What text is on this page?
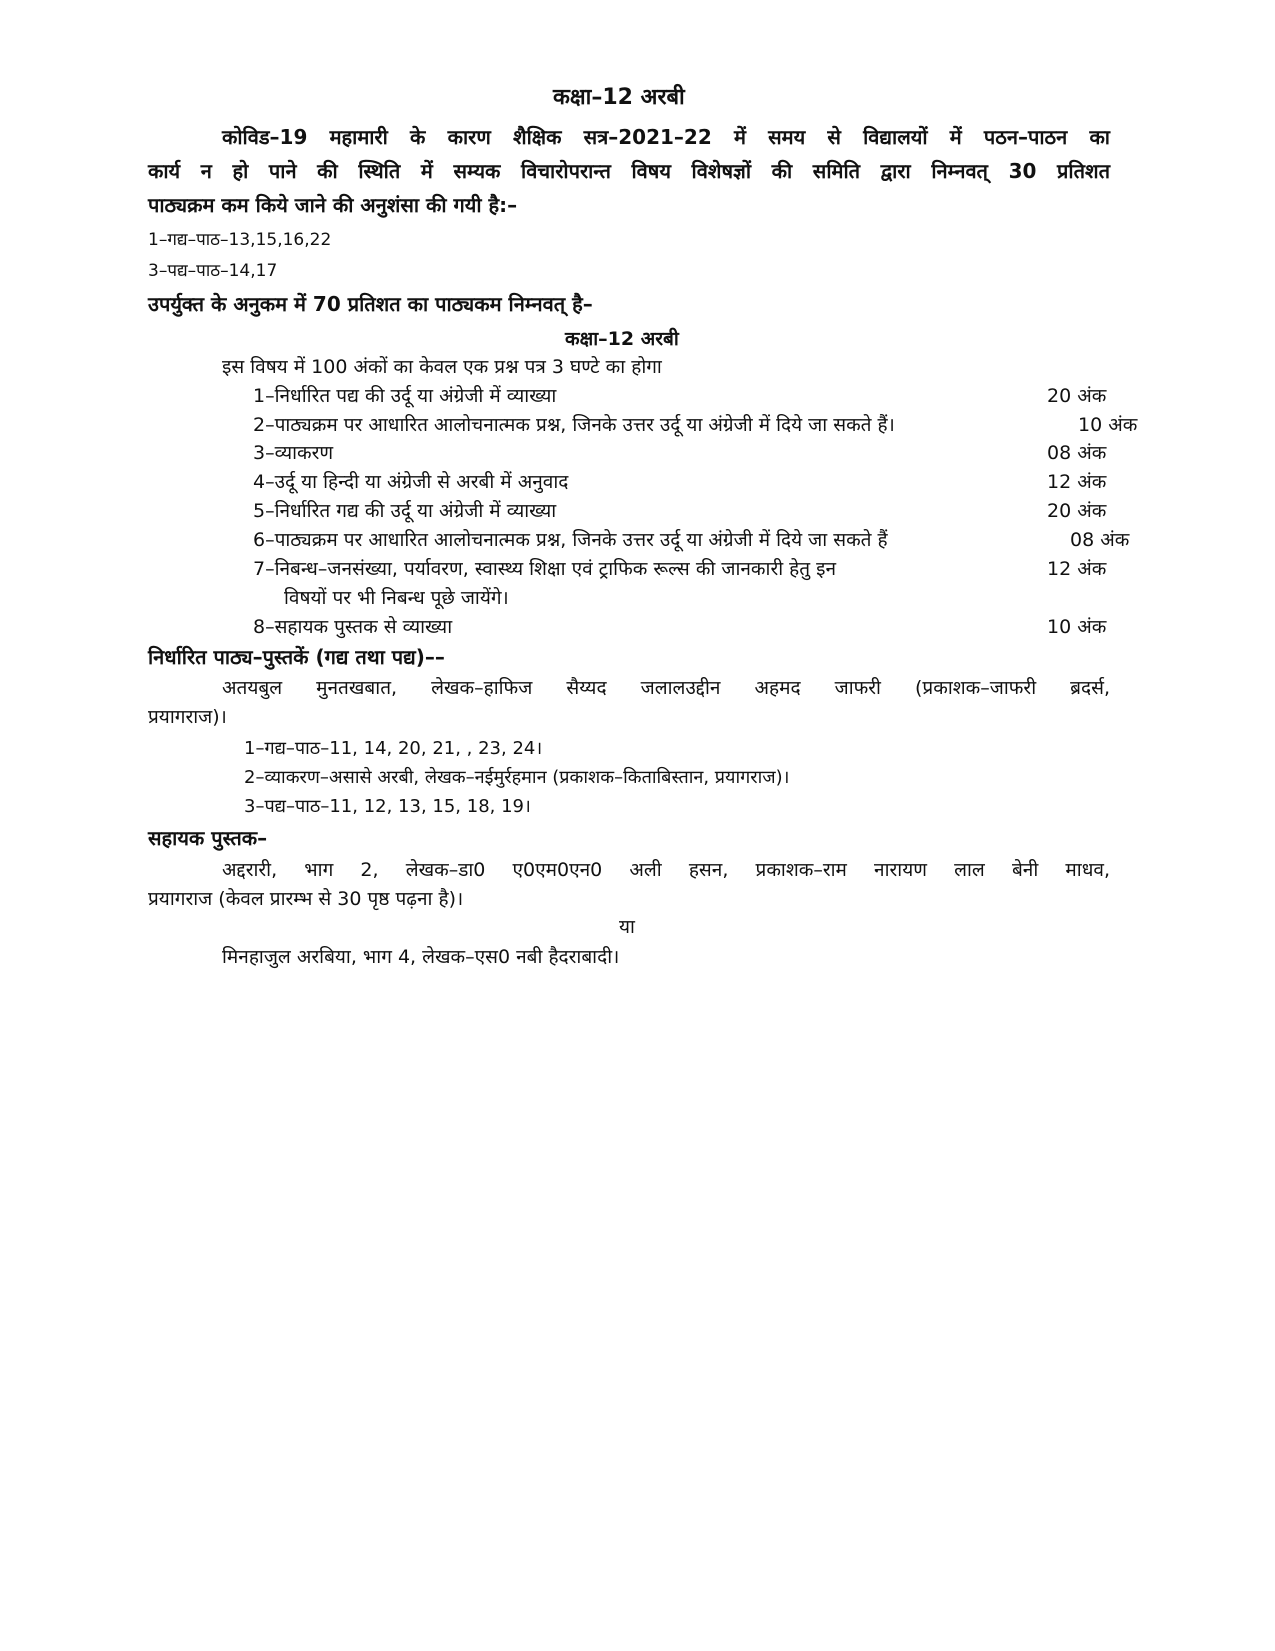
कक्षा–12 अरबी
कोविड–19 महामारी के कारण शैक्षिक सत्र–2021–22 में समय से विद्यालयों में पठन–पाठन का
कार्य न हो पाने की स्थिति में सम्यक विचारोपरान्त विषय विशेषज्ञों की समिति द्वारा निम्नवत् 30 प्रतिशत
पाठ्यक्रम कम किये जाने की अनुशंसा की गयी है:–
1–गद्य–पाठ–13,15,16,22
3–पद्य–पाठ–14,17
उपर्युक्त के अनुकम में 70 प्रतिशत का पाठ्यकम निम्नवत् है–
कक्षा–12 अरबी
इस विषय में 100 अंकों का केवल एक प्रश्न पत्र 3 घण्टे का होगा
1–निर्धारित पद्य की उर्दू या अंग्रेजी में व्याख्या	20 अंक
2–पाठ्यक्रम पर आधारित आलोचनात्मक प्रश्न, जिनके उत्तर उर्दू या अंग्रेजी में दिये जा सकते हैं।	10 अंक
3–व्याकरण	08 अंक
4–उर्दू या हिन्दी या अंग्रेजी से अरबी में अनुवाद	12 अंक
5–निर्धारित गद्य की उर्दू या अंग्रेजी में व्याख्या	20 अंक
6–पाठ्यक्रम पर आधारित आलोचनात्मक प्रश्न, जिनके उत्तर उर्दू या अंग्रेजी में दिये जा सकते हैं	08 अंक
7–निबन्ध–जनसंख्या, पर्यावरण, स्वास्थ्य शिक्षा एवं ट्राफिक रूल्स की जानकारी हेतु इन	12 अंक
विषयों पर भी निबन्ध पूछे जायेंगे।
8–सहायक पुस्तक से व्याख्या	10 अंक
निर्धारित पाठ्य–पुस्तकें (गद्य तथा पद्य)––
अतयबुल मुनतखबात, लेखक–हाफिज सैय्यद जलालउद्दीन अहमद जाफरी (प्रकाशक–जाफरी ब्रदर्स,
प्रयागराज)।
1–गद्य–पाठ–11, 14, 20, 21, , 23, 24।
2–व्याकरण–असासे अरबी, लेखक–नईमुर्रहमान (प्रकाशक–किताबिस्तान, प्रयागराज)।
3–पद्य–पाठ–11, 12, 13, 15, 18, 19।
सहायक पुस्तक–
अद्दरारी, भाग 2, लेखक–डा0 ए0एम0एन0 अली हसन, प्रकाशक–राम नारायण लाल बेनी माधव,
प्रयागराज (केवल प्रारम्भ से 30 पृष्ठ पढ़ना है)।
या
मिनहाजुल अरबिया, भाग 4, लेखक–एस0 नबी हैदराबादी।
